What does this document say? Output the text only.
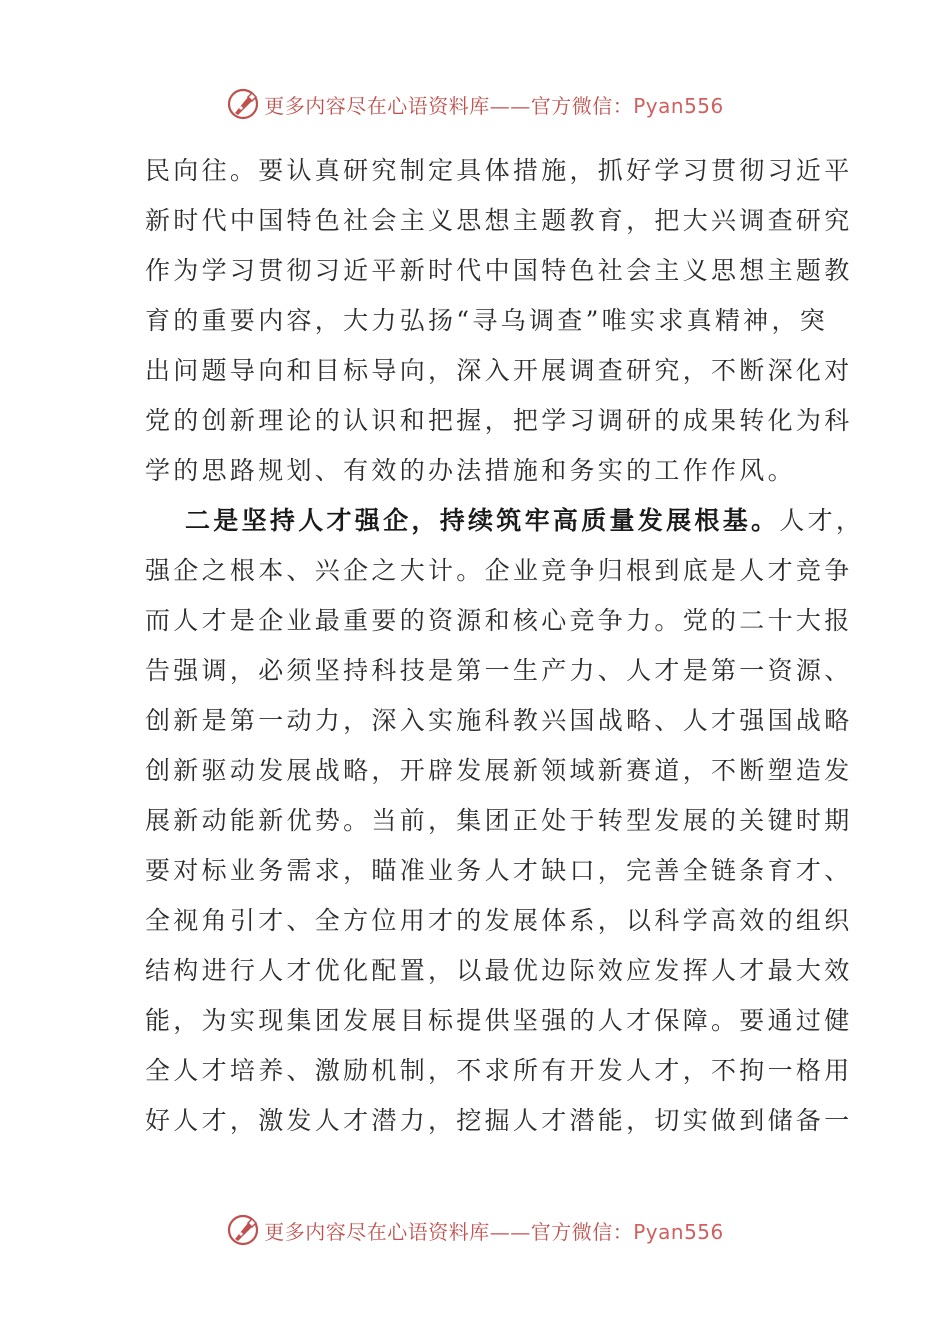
更多内容尽在心语资料库——官方微信：Pyan556
民向往。要认真研究制定具体措施，抓好学习贯彻习近平
新时代中国特色社会主义思想主题教育，把大兴调查研究
作为学习贯彻习近平新时代中国特色社会主义思想主题教
育的重要内容，大力弘扬“寻乌调查”唯实求真精神，突
出问题导向和目标导向，深入开展调查研究，不断深化对
党的创新理论的认识和把握，把学习调研的成果转化为科
学的思路规划、有效的办法措施和务实的工作作风。
二是坚持人才强企，持续筑牢高质量发展根基。人才，
强企之根本、兴企之大计。企业竞争归根到底是人才竞争
而人才是企业最重要的资源和核心竞争力。党的二十大报
告强调，必须坚持科技是第一生产力、人才是第一资源、
创新是第一动力，深入实施科教兴国战略、人才强国战略
创新驱动发展战略，开辟发展新领域新赛道，不断塑造发
展新动能新优势。当前，集团正处于转型发展的关键时期
要对标业务需求，瞄准业务人才缺口，完善全链条育才、
全视角引才、全方位用才的发展体系，以科学高效的组织
结构进行人才优化配置，以最优边际效应发挥人才最大效
能，为实现集团发展目标提供坚强的人才保障。要通过健
全人才培养、激励机制，不求所有开发人才，不拘一格用
好人才，激发人才潜力，挖掘人才潜能，切实做到储备一
更多内容尽在心语资料库——官方微信：Pyan556
